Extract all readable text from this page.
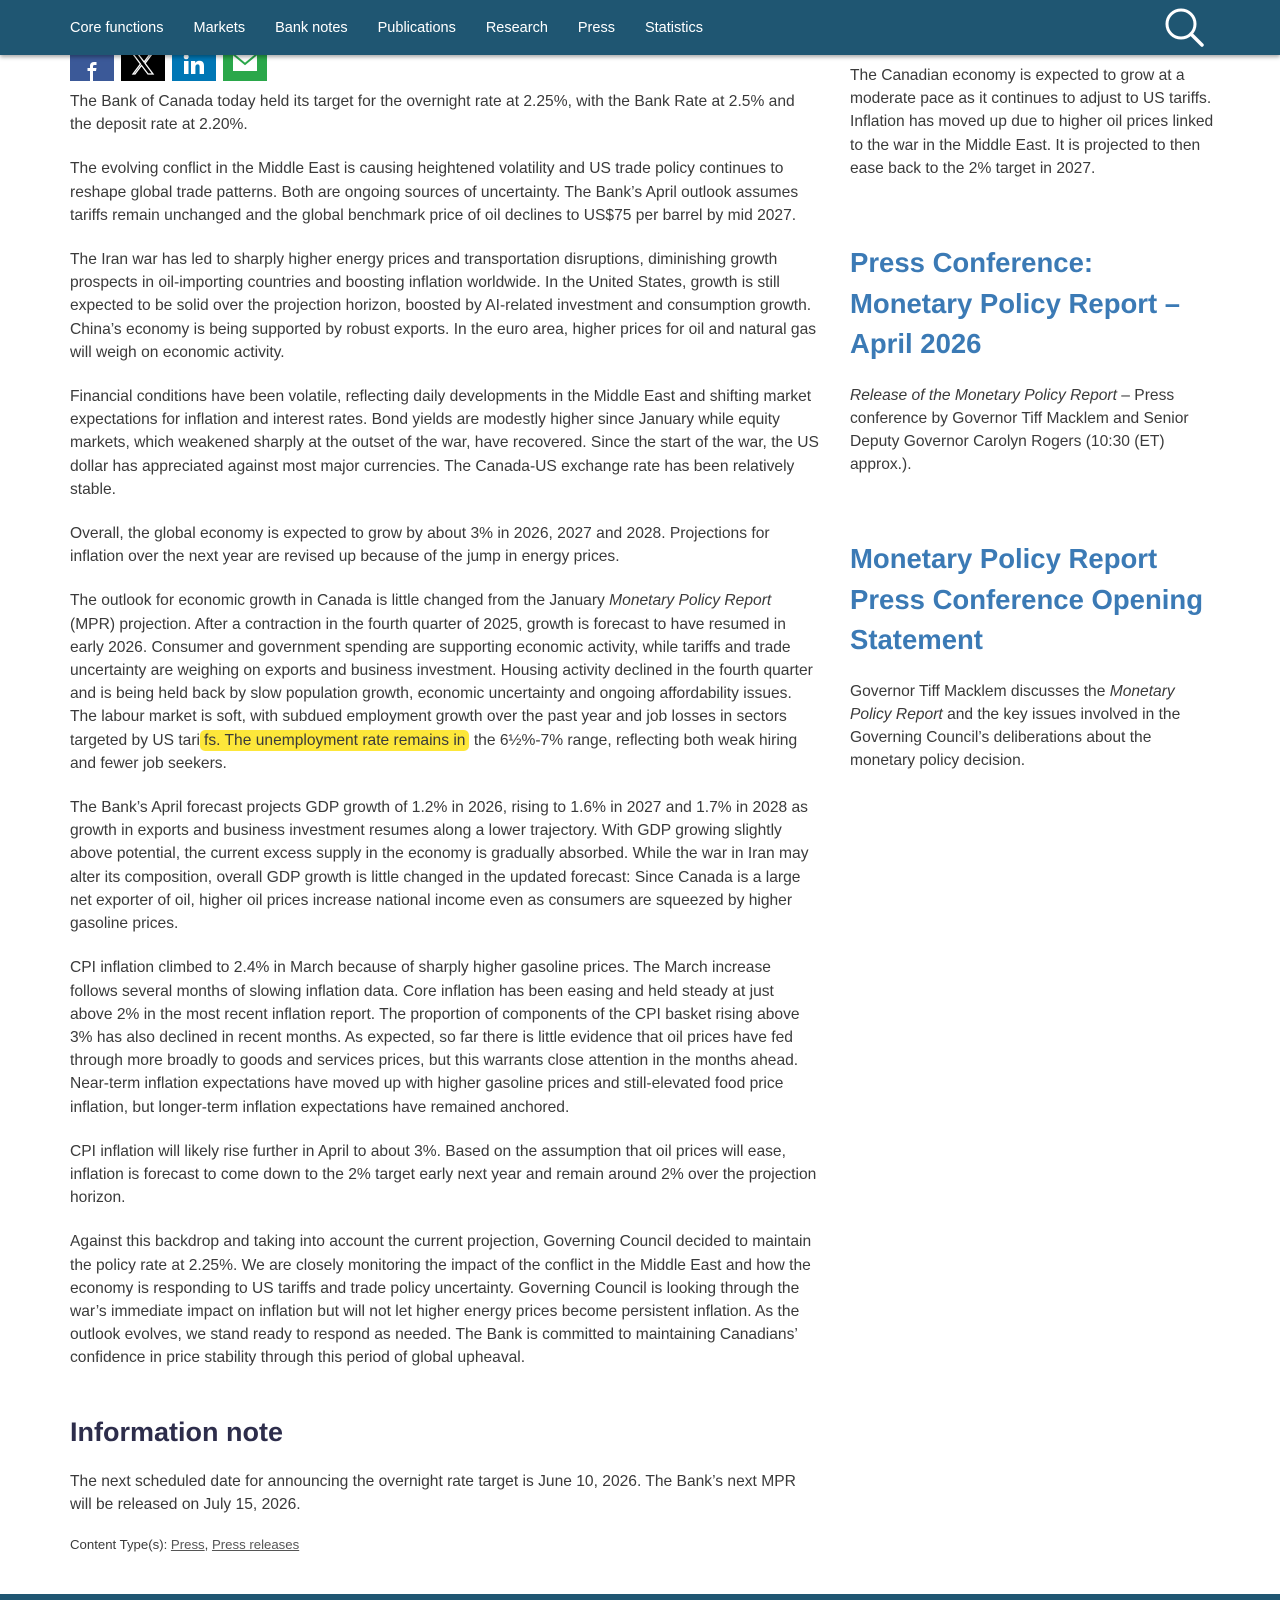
Core functions Markets Bank notes Publications Research Press Statistics

The Bank of Canada today held its target for the overnight rate at 2.25%, with the Bank Rate at 2.5% and the deposit rate at 2.20%.

The evolving conflict in the Middle East is causing heightened volatility and US trade policy continues to reshape global trade patterns. Both are ongoing sources of uncertainty. The Bank’s April outlook assumes tariffs remain unchanged and the global benchmark price of oil declines to US$75 per barrel by mid 2027.

The Iran war has led to sharply higher energy prices and transportation disruptions, diminishing growth prospects in oil-importing countries and boosting inflation worldwide. In the United States, growth is still expected to be solid over the projection horizon, boosted by AI-related investment and consumption growth. China’s economy is being supported by robust exports. In the euro area, higher prices for oil and natural gas will weigh on economic activity.

Financial conditions have been volatile, reflecting daily developments in the Middle East and shifting market expectations for inflation and interest rates. Bond yields are modestly higher since January while equity markets, which weakened sharply at the outset of the war, have recovered. Since the start of the war, the US dollar has appreciated against most major currencies. The Canada-US exchange rate has been relatively stable.

Overall, the global economy is expected to grow by about 3% in 2026, 2027 and 2028. Projections for inflation over the next year are revised up because of the jump in energy prices.

The outlook for economic growth in Canada is little changed from the January Monetary Policy Report (MPR) projection. After a contraction in the fourth quarter of 2025, growth is forecast to have resumed in early 2026. Consumer and government spending are supporting economic activity, while tariffs and trade uncertainty are weighing on exports and business investment. Housing activity declined in the fourth quarter and is being held back by slow population growth, economic uncertainty and ongoing affordability issues. The labour market is soft, with subdued employment growth over the past year and job losses in sectors targeted by US tari fs. The unemployment rate remains in the 6½%-7% range, reflecting both weak hiring and fewer job seekers.

The Bank’s April forecast projects GDP growth of 1.2% in 2026, rising to 1.6% in 2027 and 1.7% in 2028 as growth in exports and business investment resumes along a lower trajectory. With GDP growing slightly above potential, the current excess supply in the economy is gradually absorbed. While the war in Iran may alter its composition, overall GDP growth is little changed in the updated forecast: Since Canada is a large net exporter of oil, higher oil prices increase national income even as consumers are squeezed by higher gasoline prices.

CPI inflation climbed to 2.4% in March because of sharply higher gasoline prices. The March increase follows several months of slowing inflation data. Core inflation has been easing and held steady at just above 2% in the most recent inflation report. The proportion of components of the CPI basket rising above 3% has also declined in recent months. As expected, so far there is little evidence that oil prices have fed through more broadly to goods and services prices, but this warrants close attention in the months ahead. Near-term inflation expectations have moved up with higher gasoline prices and still-elevated food price inflation, but longer-term inflation expectations have remained anchored.

CPI inflation will likely rise further in April to about 3%. Based on the assumption that oil prices will ease, inflation is forecast to come down to the 2% target early next year and remain around 2% over the projection horizon.

Against this backdrop and taking into account the current projection, Governing Council decided to maintain the policy rate at 2.25%. We are closely monitoring the impact of the conflict in the Middle East and how the economy is responding to US tariffs and trade policy uncertainty. Governing Council is looking through the war’s immediate impact on inflation but will not let higher energy prices become persistent inflation. As the outlook evolves, we stand ready to respond as needed. The Bank is committed to maintaining Canadians’ confidence in price stability through this period of global upheaval.

Information note

The next scheduled date for announcing the overnight rate target is June 10, 2026. The Bank’s next MPR will be released on July 15, 2026.

Content Type(s): Press, Press releases

The Canadian economy is expected to grow at a moderate pace as it continues to adjust to US tariffs. Inflation has moved up due to higher oil prices linked to the war in the Middle East. It is projected to then ease back to the 2% target in 2027.

Press Conference: Monetary Policy Report – April 2026

Release of the Monetary Policy Report – Press conference by Governor Tiff Macklem and Senior Deputy Governor Carolyn Rogers (10:30 (ET) approx.).

Monetary Policy Report Press Conference Opening Statement

Governor Tiff Macklem discusses the Monetary Policy Report and the key issues involved in the Governing Council’s deliberations about the monetary policy decision.
